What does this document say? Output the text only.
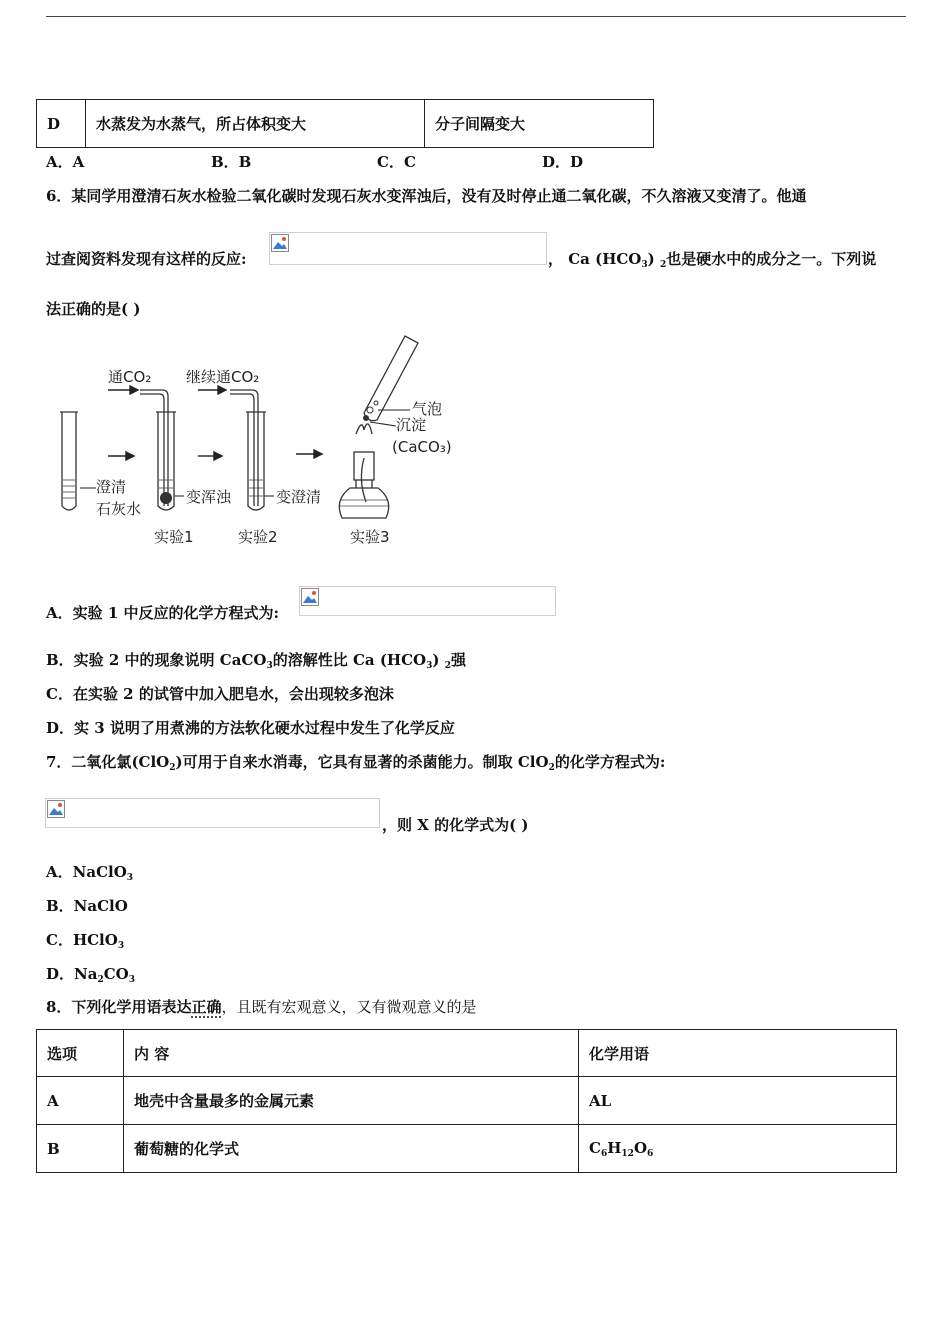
D	水蒸发为水蒸气，所占体积变大	分子间隔变大
A．A	B．B	C．C	D．D
6．某同学用澄清石灰水检验二氧化碳时发现石灰水变浑浊后，没有及时停止通二氧化碳，不久溶液又变清了。他通
过查阅资料发现有这样的反应:	， Ca $(HCO_3)$ $_2$也是硬水中的成分之一。下列说
法正确的是( )
通CO₂ 继续通CO₂
澄清
石灰水
变浑浊	变澄清
气泡
沉淀
(CaCO₃)
实验1	实验2	实验3
A．实验 1 中反应的化学方程式为:
B．实验 2 中的现象说明 CaCO$_3$的溶解性比 Ca $(HCO_3)$ $_2$强
C．在实验 2 的试管中加入肥皂水，会出现较多泡沫
D．实 3 说明了用煮沸的方法软化硬水过程中发生了化学反应
7．二氧化氯(ClO$_2$)可用于自来水消毒，它具有显著的杀菌能力。制取 ClO$_2$的化学方程式为:
，则 X 的化学式为( )
A．NaClO$_3$
B．NaClO
C．HClO$_3$
D．$Na_2CO_3$
8．下列化学用语表达正确，且既有宏观意义，又有微观意义的是
选项	内 容	化学用语
A	地壳中含量最多的金属元素	AL
B	葡萄糖的化学式	$C_6H_{12}O_6$
